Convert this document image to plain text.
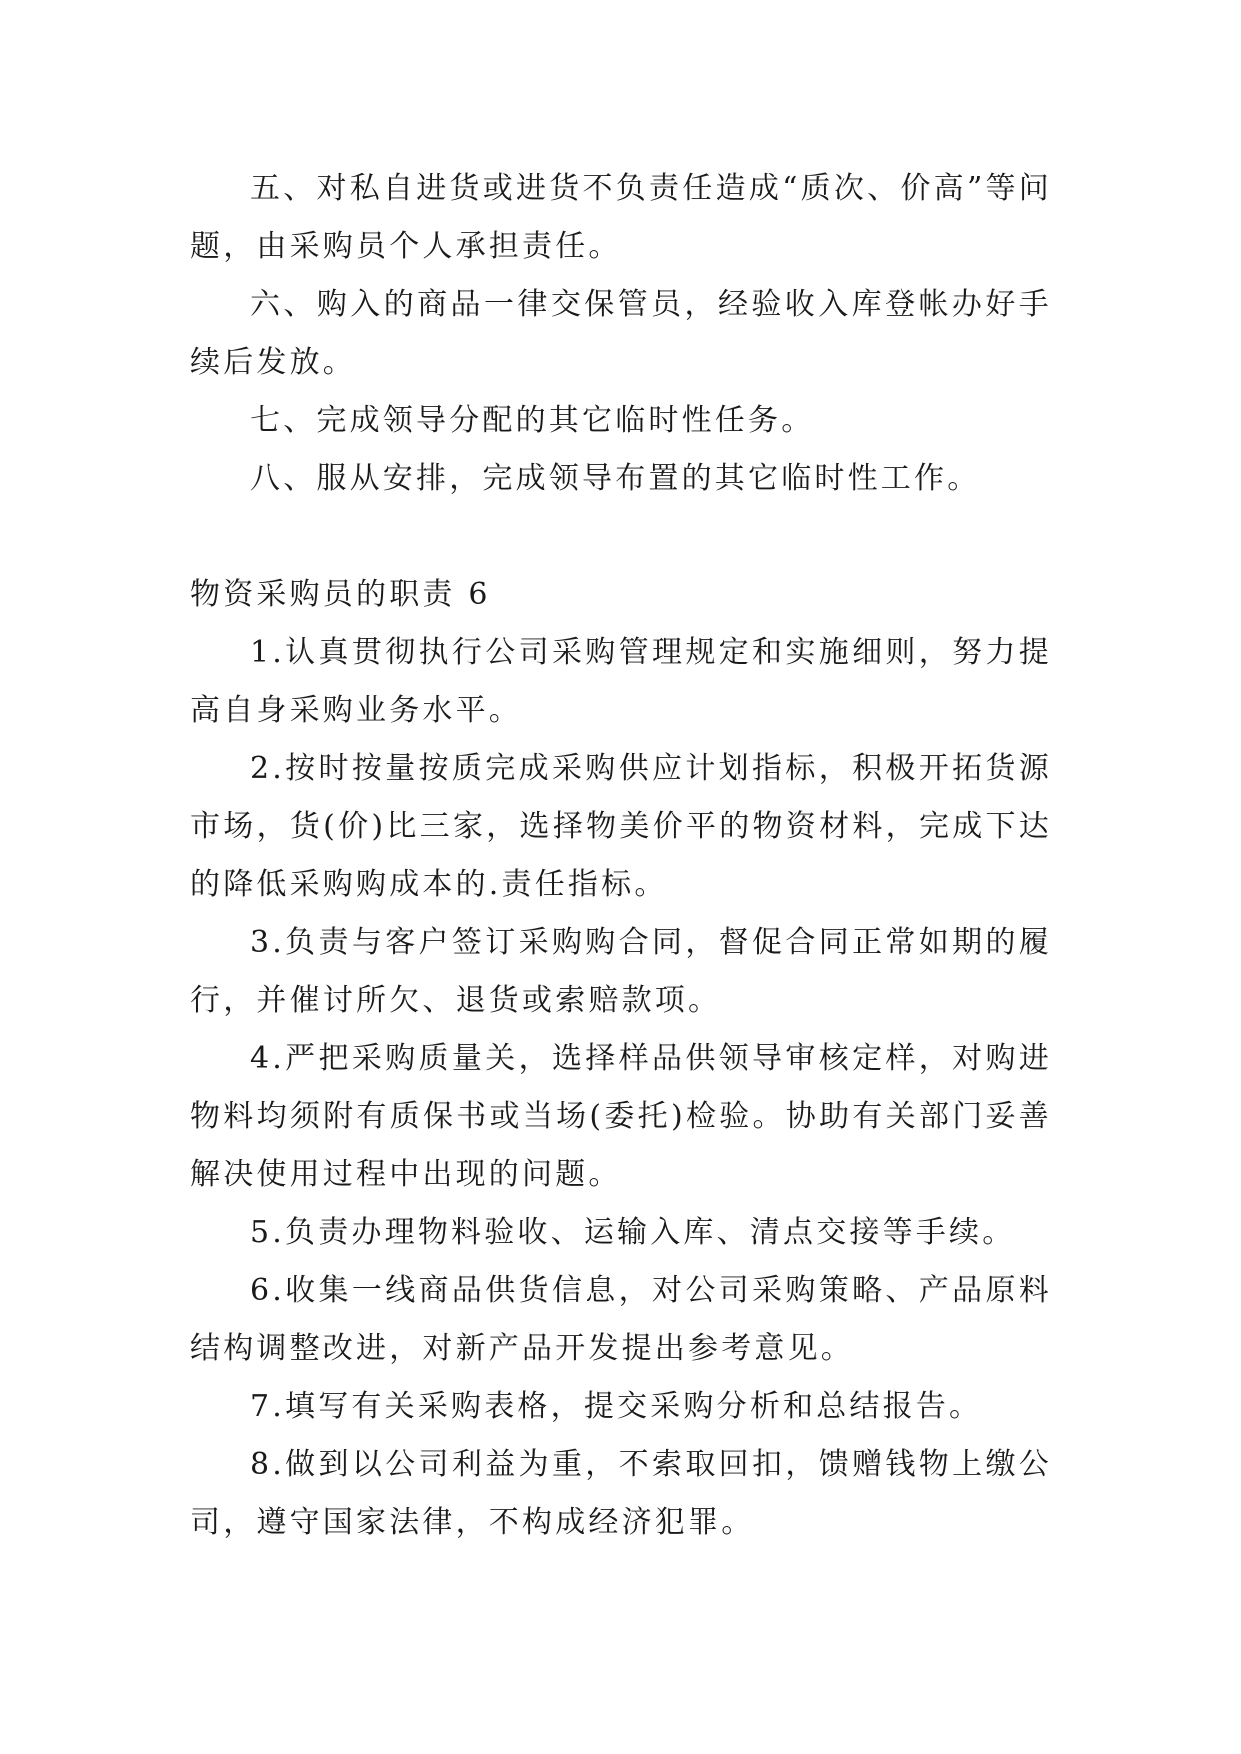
五、对私自进货或进货不负责任造成“质次、价高”等问题，由采购员个人承担责任。

六、购入的商品一律交保管员，经验收入库登帐办好手续后发放。

七、完成领导分配的其它临时性任务。

八、服从安排，完成领导布置的其它临时性工作。

物资采购员的职责 6

1.认真贯彻执行公司采购管理规定和实施细则，努力提高自身采购业务水平。

2.按时按量按质完成采购供应计划指标，积极开拓货源市场，货(价)比三家，选择物美价平的物资材料，完成下达的降低采购购成本的.责任指标。

3.负责与客户签订采购购合同，督促合同正常如期的履行，并催讨所欠、退货或索赔款项。

4.严把采购质量关，选择样品供领导审核定样，对购进物料均须附有质保书或当场(委托)检验。协助有关部门妥善解决使用过程中出现的问题。

5.负责办理物料验收、运输入库、清点交接等手续。

6.收集一线商品供货信息，对公司采购策略、产品原料结构调整改进，对新产品开发提出参考意见。

7.填写有关采购表格，提交采购分析和总结报告。

8.做到以公司利益为重，不索取回扣，馈赠钱物上缴公司，遵守国家法律，不构成经济犯罪。
